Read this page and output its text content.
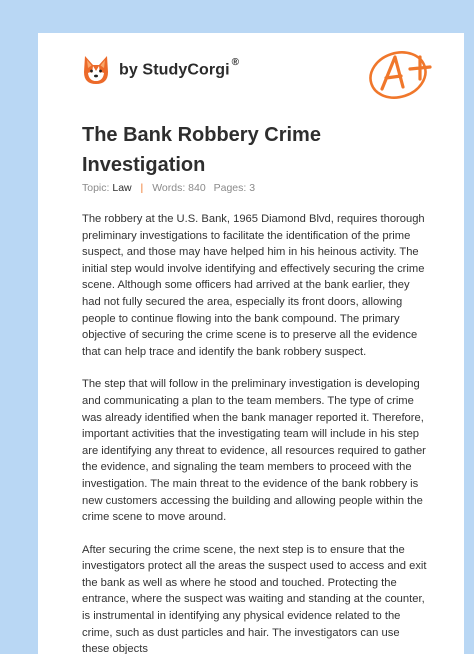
by StudyCorgi ®
The Bank Robbery Crime Investigation
Topic: Law | Words: 840 Pages: 3

The robbery at the U.S. Bank, 1965 Diamond Blvd, requires thorough preliminary investigations to facilitate the identification of the prime suspect, and those may have helped him in his heinous activity. The initial step would involve identifying and effectively securing the crime scene. Although some officers had arrived at the bank earlier, they had not fully secured the area, especially its front doors, allowing people to continue flowing into the bank compound. The primary objective of securing the crime scene is to preserve all the evidence that can help trace and identify the bank robbery suspect.

The step that will follow in the preliminary investigation is developing and communicating a plan to the team members. The type of crime was already identified when the bank manager reported it. Therefore, important activities that the investigating team will include in his step are identifying any threat to evidence, all resources required to gather the evidence, and signaling the team members to proceed with the investigation. The main threat to the evidence of the bank robbery is new customers accessing the building and allowing people within the crime scene to move around.

After securing the crime scene, the next step is to ensure that the investigators protect all the areas the suspect used to access and exit the bank as well as where he stood and touched. Protecting the entrance, where the suspect was waiting and standing at the counter, is instrumental in identifying any physical evidence related to the crime, such as dust particles and hair. The investigators can use these objects
